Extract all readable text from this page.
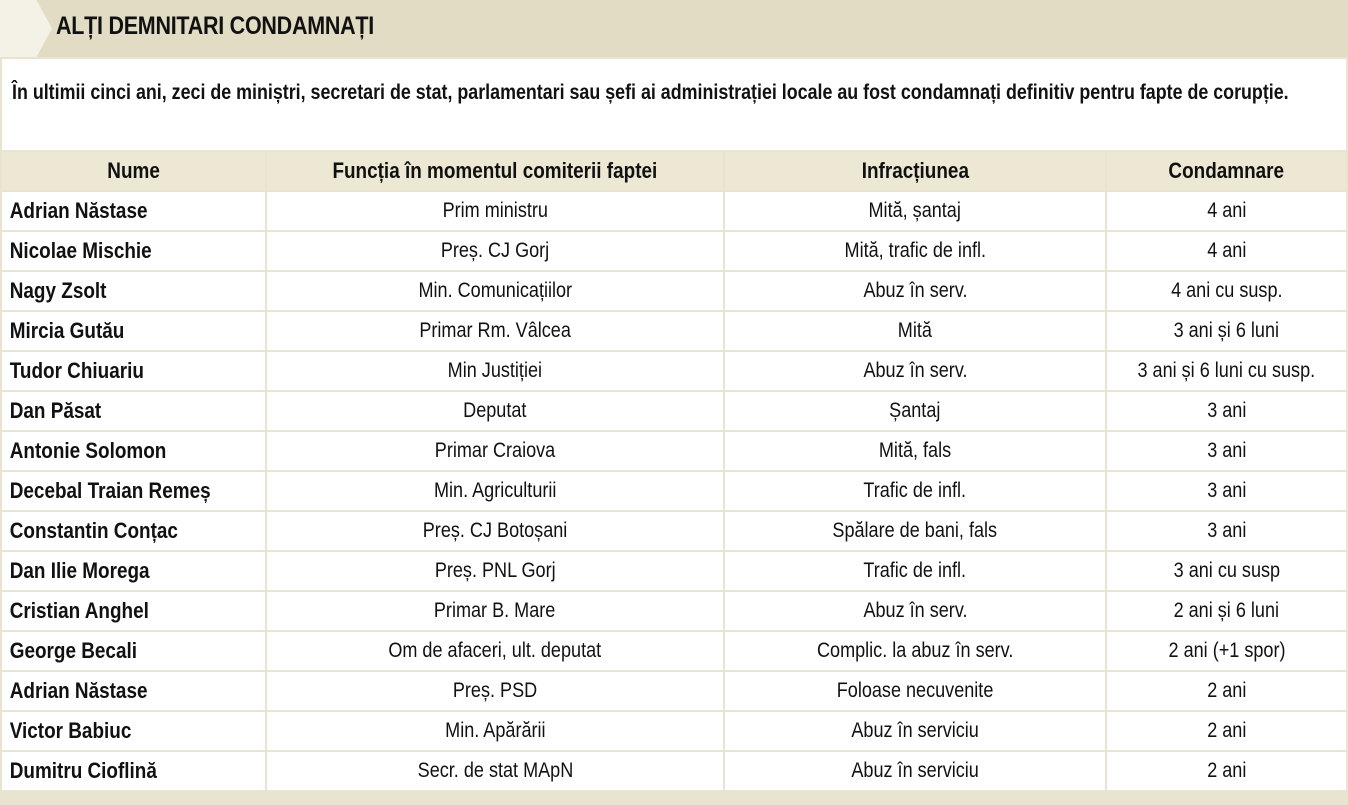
ALȚI DEMNITARI CONDAMNAȚI
În ultimii cinci ani, zeci de miniștri, secretari de stat, parlamentari sau șefi ai administrației locale au fost condamnați definitiv pentru fapte de corupție.
Nume	Funcția în momentul comiterii faptei	Infracțiunea	Condamnare
Adrian Năstase	Prim ministru	Mită, șantaj	4 ani
Nicolae Mischie	Preș. CJ Gorj	Mită, trafic de infl.	4 ani
Nagy Zsolt	Min. Comunicațiilor	Abuz în serv.	4 ani cu susp.
Mircia Gutău	Primar Rm. Vâlcea	Mită	3 ani și 6 luni
Tudor Chiuariu	Min Justiției	Abuz în serv.	3 ani și 6 luni cu susp.
Dan Păsat	Deputat	Șantaj	3 ani
Antonie Solomon	Primar Craiova	Mită, fals	3 ani
Decebal Traian Remeș	Min. Agriculturii	Trafic de infl.	3 ani
Constantin Conțac	Preș. CJ Botoșani	Spălare de bani, fals	3 ani
Dan Ilie Morega	Preș. PNL Gorj	Trafic de infl.	3 ani cu susp
Cristian Anghel	Primar B. Mare	Abuz în serv.	2 ani și 6 luni
George Becali	Om de afaceri, ult. deputat	Complic. la abuz în serv.	2 ani (+1 spor)
Adrian Năstase	Preș. PSD	Foloase necuvenite	2 ani
Victor Babiuc	Min. Apărării	Abuz în serviciu	2 ani
Dumitru Cioflină	Secr. de stat MApN	Abuz în serviciu	2 ani
